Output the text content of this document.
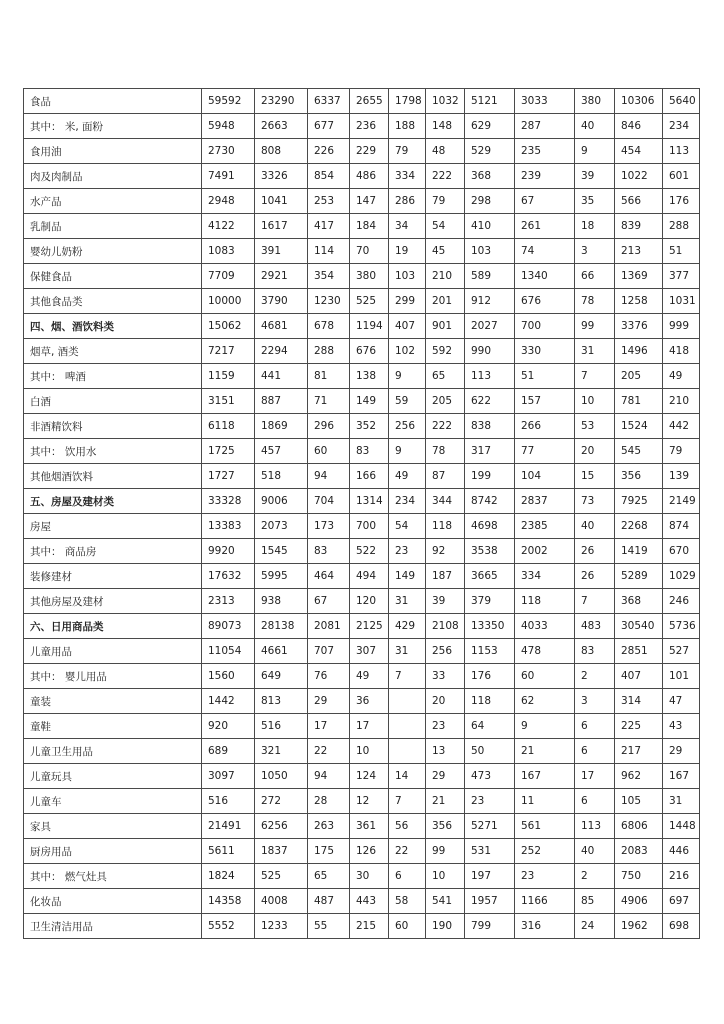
食品	59592	23290	6337	2655	1798	1032	5121	3033	380	10306	5640
其中： 米, 面粉	5948	2663	677	236	188	148	629	287	40	846	234
食用油	2730	808	226	229	79	48	529	235	9	454	113
肉及肉制品	7491	3326	854	486	334	222	368	239	39	1022	601
水产品	2948	1041	253	147	286	79	298	67	35	566	176
乳制品	4122	1617	417	184	34	54	410	261	18	839	288
婴幼儿奶粉	1083	391	114	70	19	45	103	74	3	213	51
保健食品	7709	2921	354	380	103	210	589	1340	66	1369	377
其他食品类	10000	3790	1230	525	299	201	912	676	78	1258	1031
四、烟、酒饮料类	15062	4681	678	1194	407	901	2027	700	99	3376	999
烟草, 酒类	7217	2294	288	676	102	592	990	330	31	1496	418
其中： 啤酒	1159	441	81	138	9	65	113	51	7	205	49
白酒	3151	887	71	149	59	205	622	157	10	781	210
非酒精饮料	6118	1869	296	352	256	222	838	266	53	1524	442
其中： 饮用水	1725	457	60	83	9	78	317	77	20	545	79
其他烟酒饮料	1727	518	94	166	49	87	199	104	15	356	139
五、房屋及建材类	33328	9006	704	1314	234	344	8742	2837	73	7925	2149
房屋	13383	2073	173	700	54	118	4698	2385	40	2268	874
其中： 商品房	9920	1545	83	522	23	92	3538	2002	26	1419	670
装修建材	17632	5995	464	494	149	187	3665	334	26	5289	1029
其他房屋及建材	2313	938	67	120	31	39	379	118	7	368	246
六、日用商品类	89073	28138	2081	2125	429	2108	13350	4033	483	30540	5736
儿童用品	11054	4661	707	307	31	256	1153	478	83	2851	527
其中： 婴儿用品	1560	649	76	49	7	33	176	60	2	407	101
童装	1442	813	29	36		20	118	62	3	314	47
童鞋	920	516	17	17		23	64	9	6	225	43
儿童卫生用品	689	321	22	10		13	50	21	6	217	29
儿童玩具	3097	1050	94	124	14	29	473	167	17	962	167
儿童车	516	272	28	12	7	21	23	11	6	105	31
家具	21491	6256	263	361	56	356	5271	561	113	6806	1448
厨房用品	5611	1837	175	126	22	99	531	252	40	2083	446
其中： 燃气灶具	1824	525	65	30	6	10	197	23	2	750	216
化妆品	14358	4008	487	443	58	541	1957	1166	85	4906	697
卫生清洁用品	5552	1233	55	215	60	190	799	316	24	1962	698
